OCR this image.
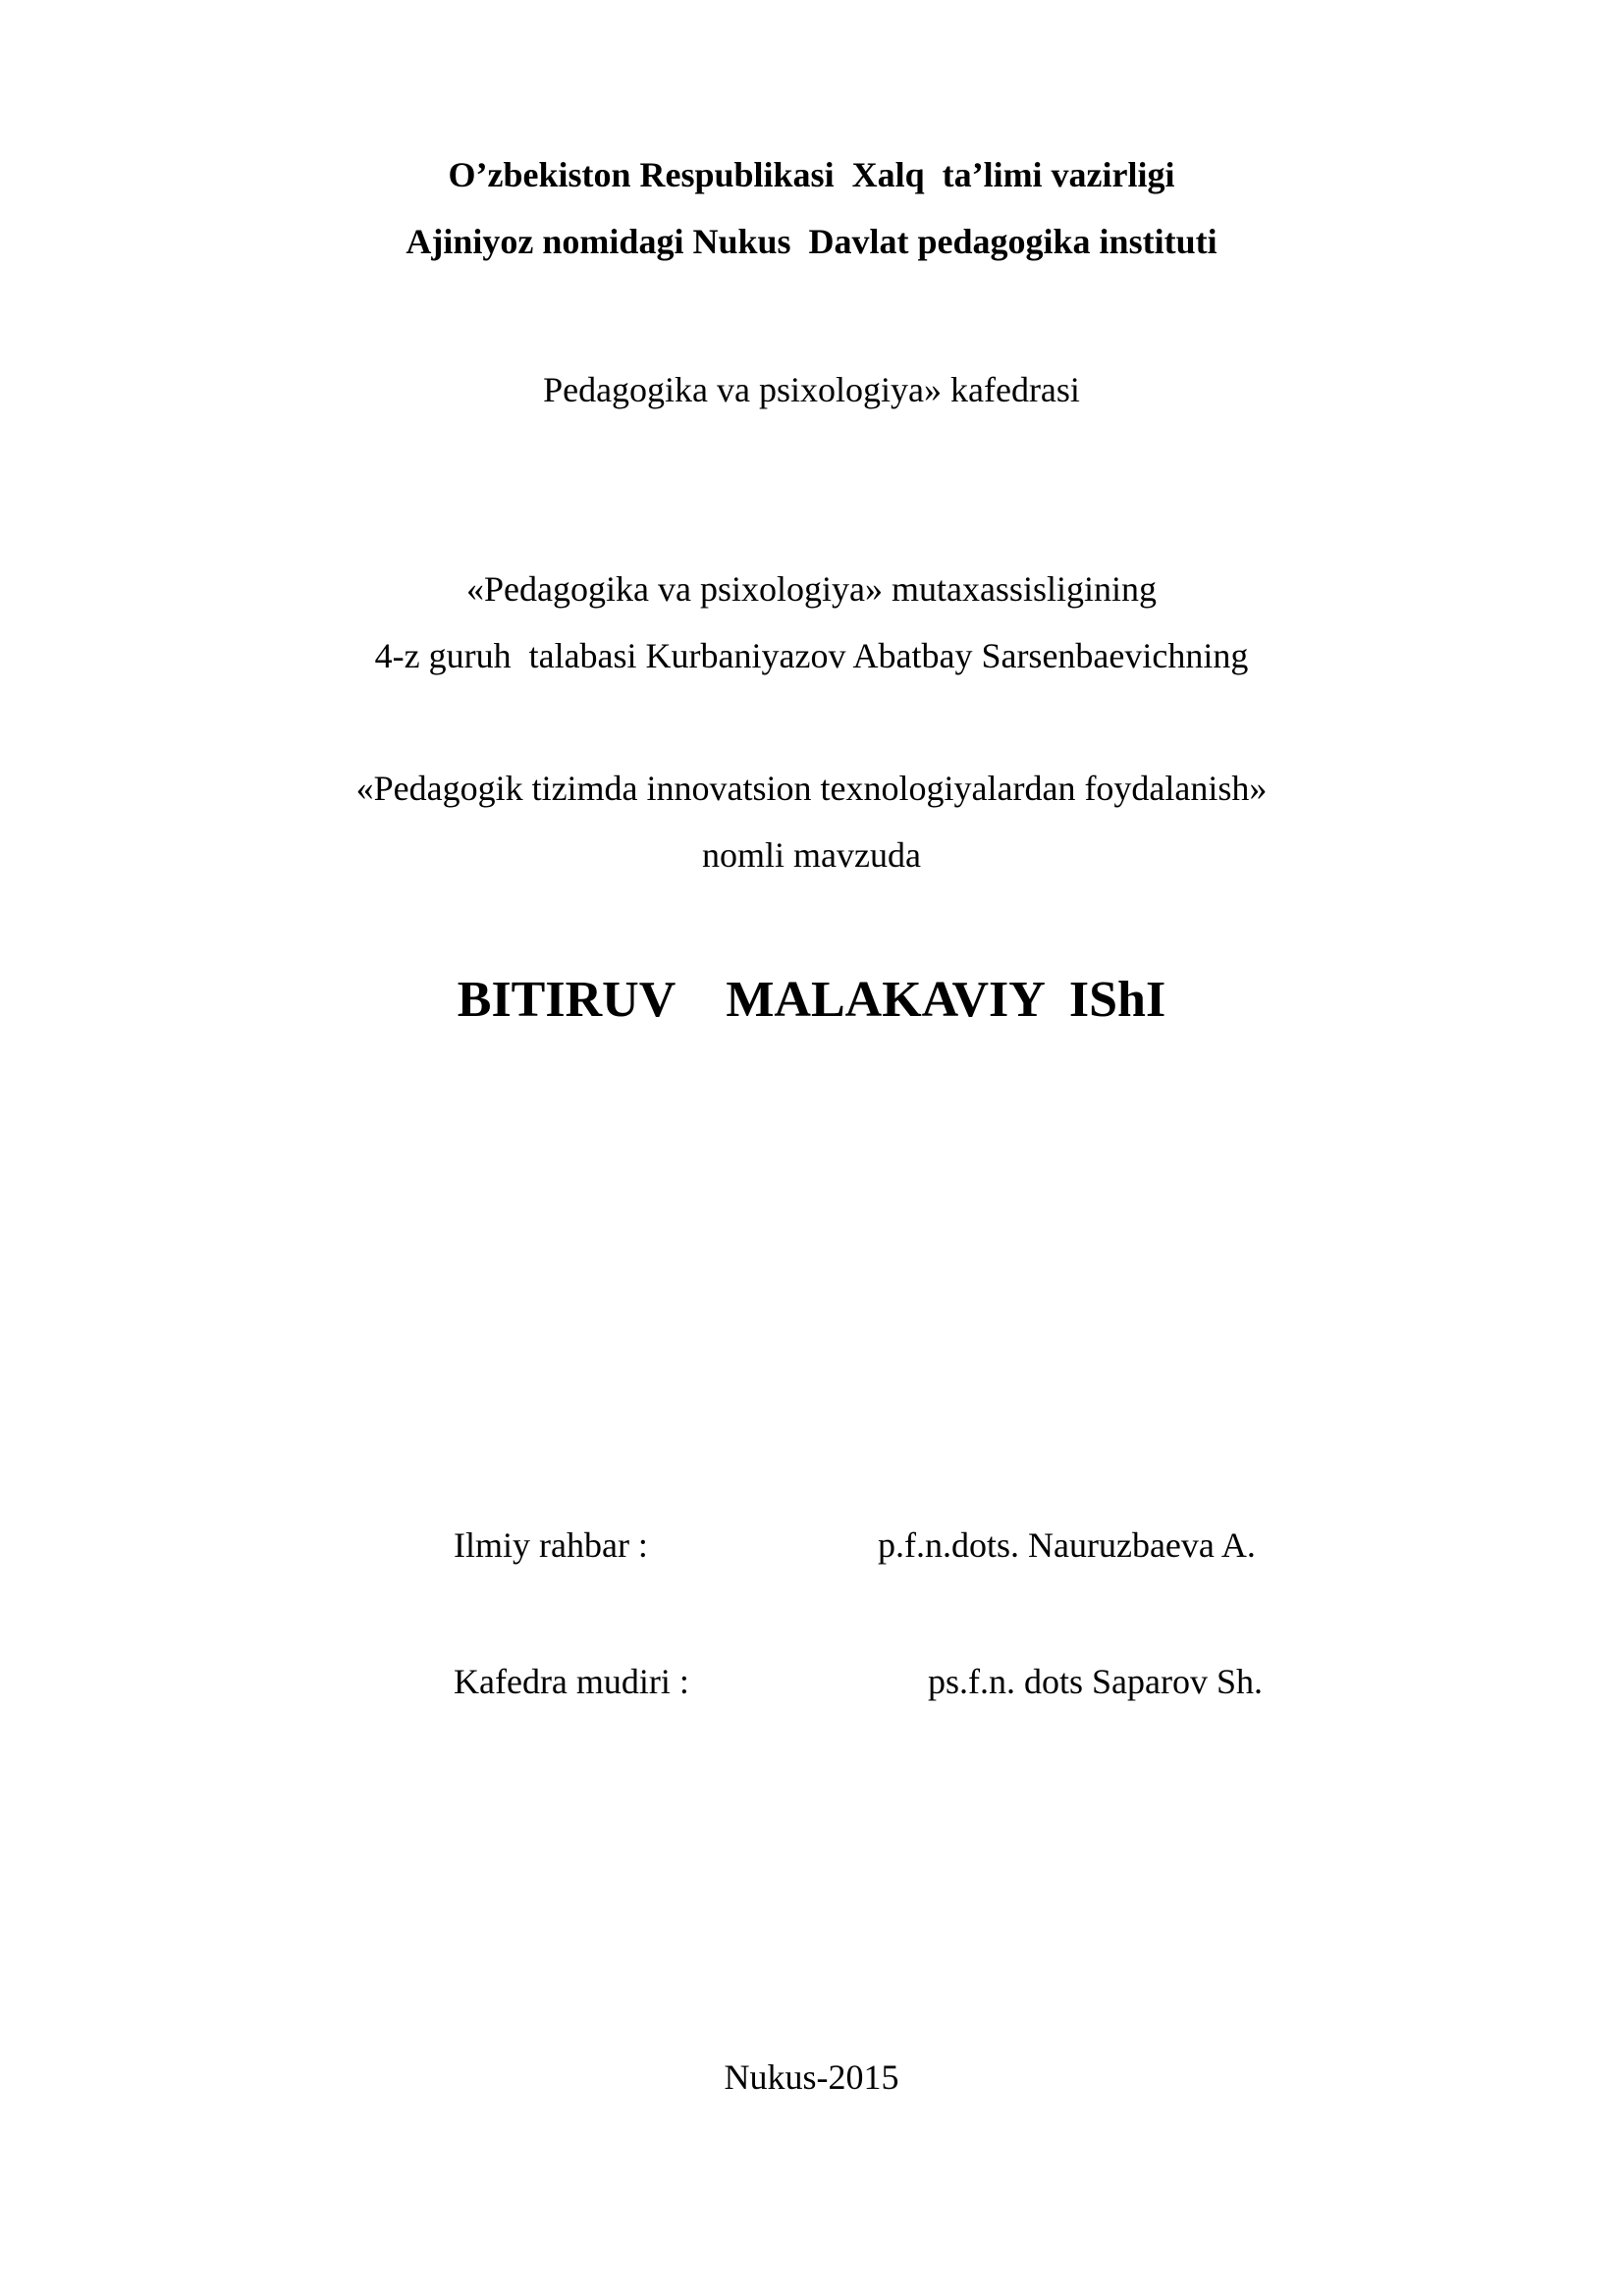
O’zbekiston Respublikasi  Xalq  ta’limi vazirligi
Ajiniyoz nomidagi Nukus  Davlat pedagogika instituti
Pedagogika va psixologiya» kafedrasi
«Pedagogika va psixologiya» mutaxassisligining
4-z guruh  talabasi Kurbaniyazov Abatbay Sarsenbaevichning
«Pedagogik tizimda innovatsion texnologiyalardan foydalanish»
nomli mavzuda
BITIRUV    MALAKAVIY  IShI
Ilmiy rahbar :	p.f.n.dots. Nauruzbaeva A.
Kafedra mudiri :	ps.f.n. dots Saparov Sh.
Nukus-2015
